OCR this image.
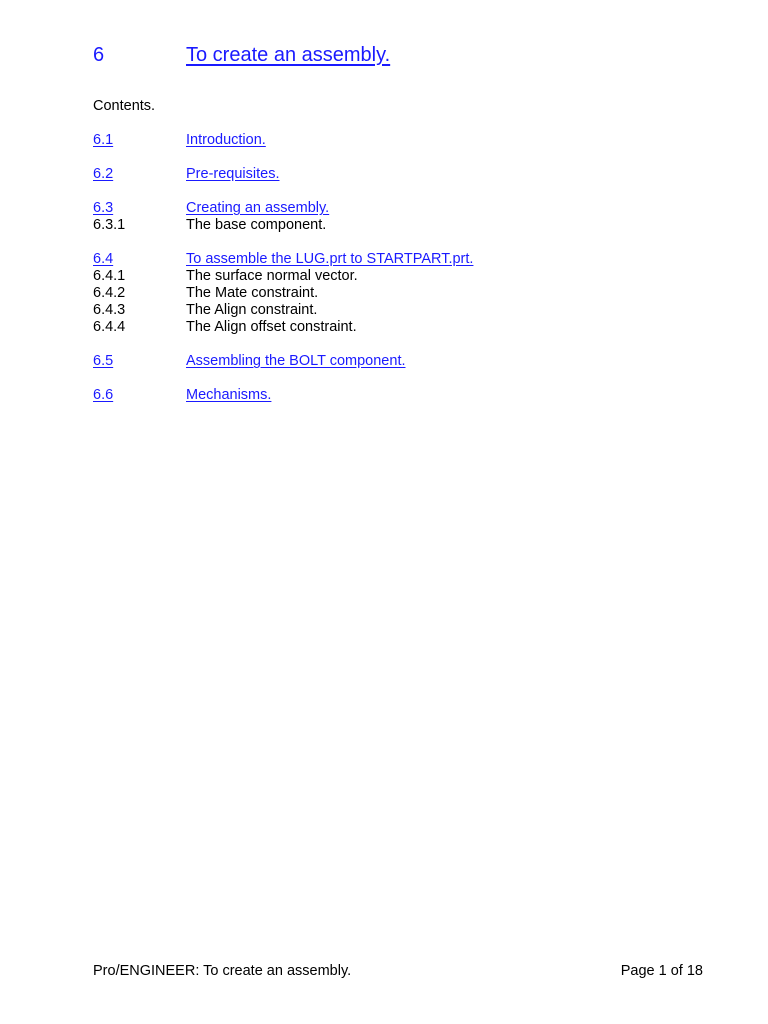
6	To create an assembly.
Contents.
6.1	Introduction.
6.2	Pre-requisites.
6.3	Creating an assembly.
6.3.1	The base component.
6.4	To assemble the LUG.prt to STARTPART.prt.
6.4.1	The surface normal vector.
6.4.2	The Mate constraint.
6.4.3	The Align constraint.
6.4.4	The Align offset constraint.
6.5	Assembling the BOLT component.
6.6	Mechanisms.
Pro/ENGINEER: To create an assembly.	Page 1 of 18
